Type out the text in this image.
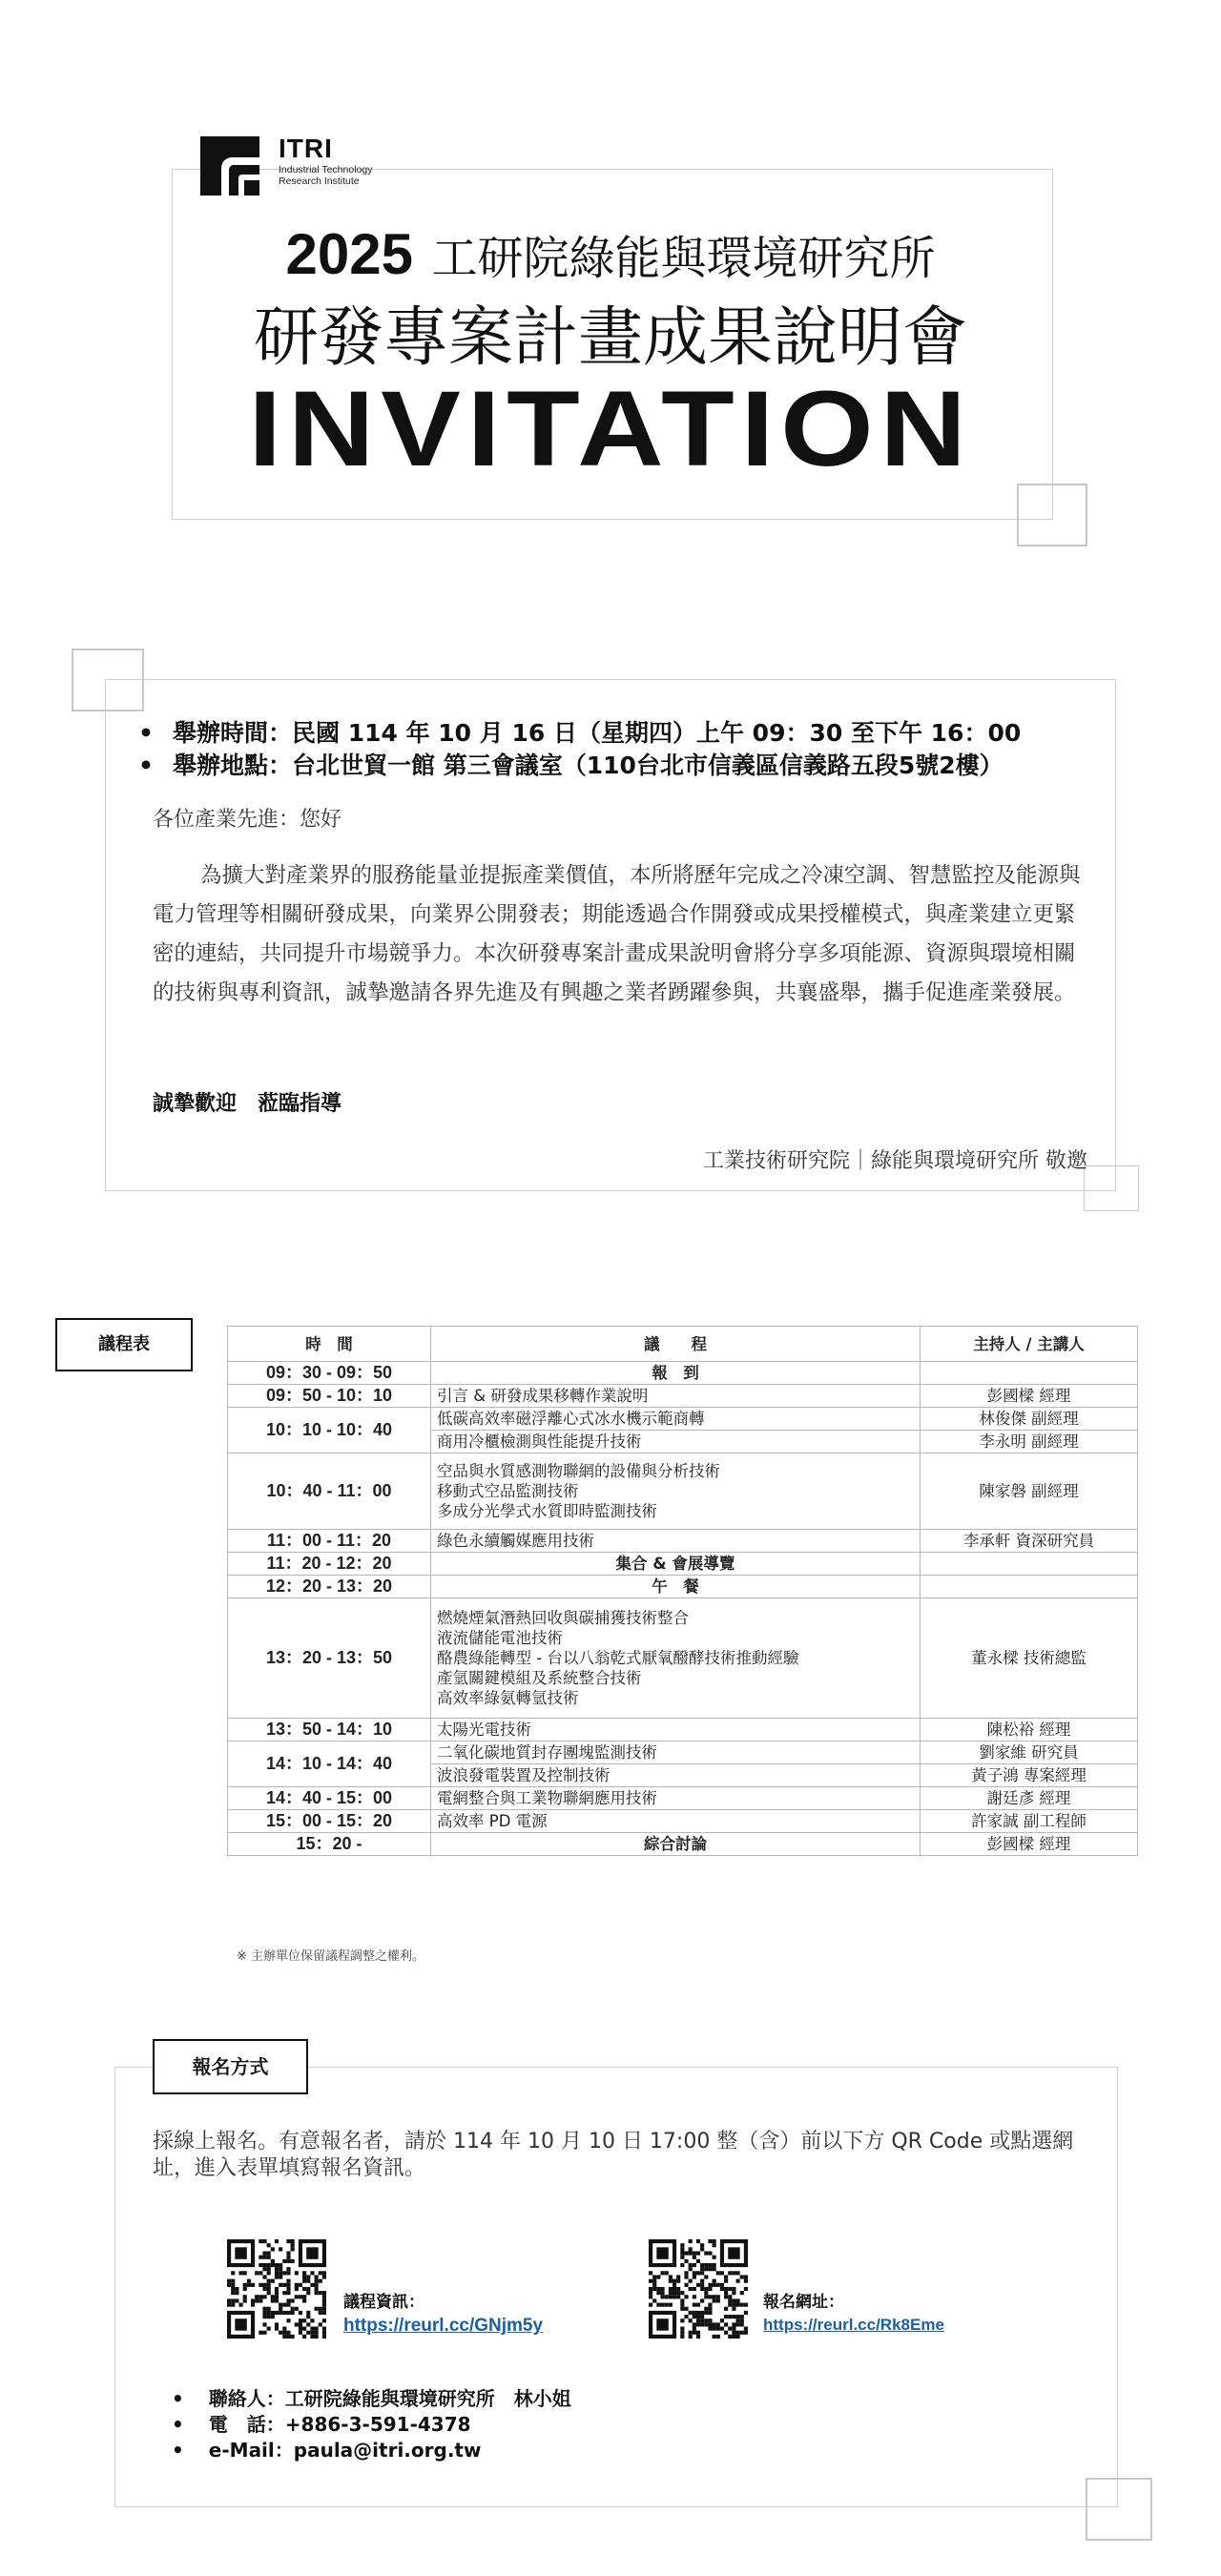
ITRI
Industrial Technology
Research Institute
2025 工研院綠能與環境研究所
研發專案計畫成果說明會
INVITATION
• 舉辦時間：民國 114 年 10 月 16 日（星期四）上午 09：30 至下午 16：00
• 舉辦地點：台北世貿一館 第三會議室（110台北市信義區信義路五段5號2樓）
各位產業先進：您好
為擴大對產業界的服務能量並提振產業價值，本所將歷年完成之冷凍空調、智慧監控及能源與電力管理等相關研發成果，向業界公開發表；期能透過合作開發或成果授權模式，與產業建立更緊密的連結，共同提升市場競爭力。本次研發專案計畫成果說明會將分享多項能源、資源與環境相關的技術與專利資訊，誠摯邀請各界先進及有興趣之業者踴躍參與，共襄盛舉，攜手促進產業發展。
誠摯歡迎　蒞臨指導
工業技術研究院｜綠能與環境研究所 敬邀
議程表	時　間	議　　程	主持人 / 主講人
09：30 - 09：50	報　到	
09：50 - 10：10	引言 & 研發成果移轉作業說明	彭國樑 經理
10：10 - 10：40	低碳高效率磁浮離心式冰水機示範商轉	林俊傑 副經理
	商用冷櫃檢測與性能提升技術	李永明 副經理
10：40 - 11：00	空品與水質感測物聯網的設備與分析技術
移動式空品監測技術
多成分光學式水質即時監測技術	陳家磐 副經理
11：00 - 11：20	綠色永續觸媒應用技術	李承軒 資深研究員
11：20 - 12：20	集合 & 會展導覽	
12：20 - 13：20	午　餐	
13：20 - 13：50	燃燒煙氣潛熱回收與碳捕獲技術整合
液流儲能電池技術
酪農綠能轉型 - 台以八翁乾式厭氧醱酵技術推動經驗
產氫關鍵模組及系統整合技術
高效率綠氨轉氫技術	董永樑 技術總監
13：50 - 14：10	太陽光電技術	陳松裕 經理
14：10 - 14：40	二氧化碳地質封存團塊監測技術	劉家維 研究員
	波浪發電裝置及控制技術	黃子鴻 專案經理
14：40 - 15：00	電網整合與工業物聯網應用技術	謝廷彥 經理
15：00 - 15：20	高效率 PD 電源	許家誠 副工程師
15：20 -	綜合討論	彭國樑 經理
※ 主辦單位保留議程調整之權利。
報名方式
採線上報名。有意報名者，請於 114 年 10 月 10 日 17:00 整（含）前以下方 QR Code 或點選網址，進入表單填寫報名資訊。
議程資訊：
https://reurl.cc/GNjm5y
報名網址：
https://reurl.cc/Rk8Eme
• 聯絡人：工研院綠能與環境研究所　林小姐
• 電　話：+886-3-591-4378
• e-Mail：paula@itri.org.tw
